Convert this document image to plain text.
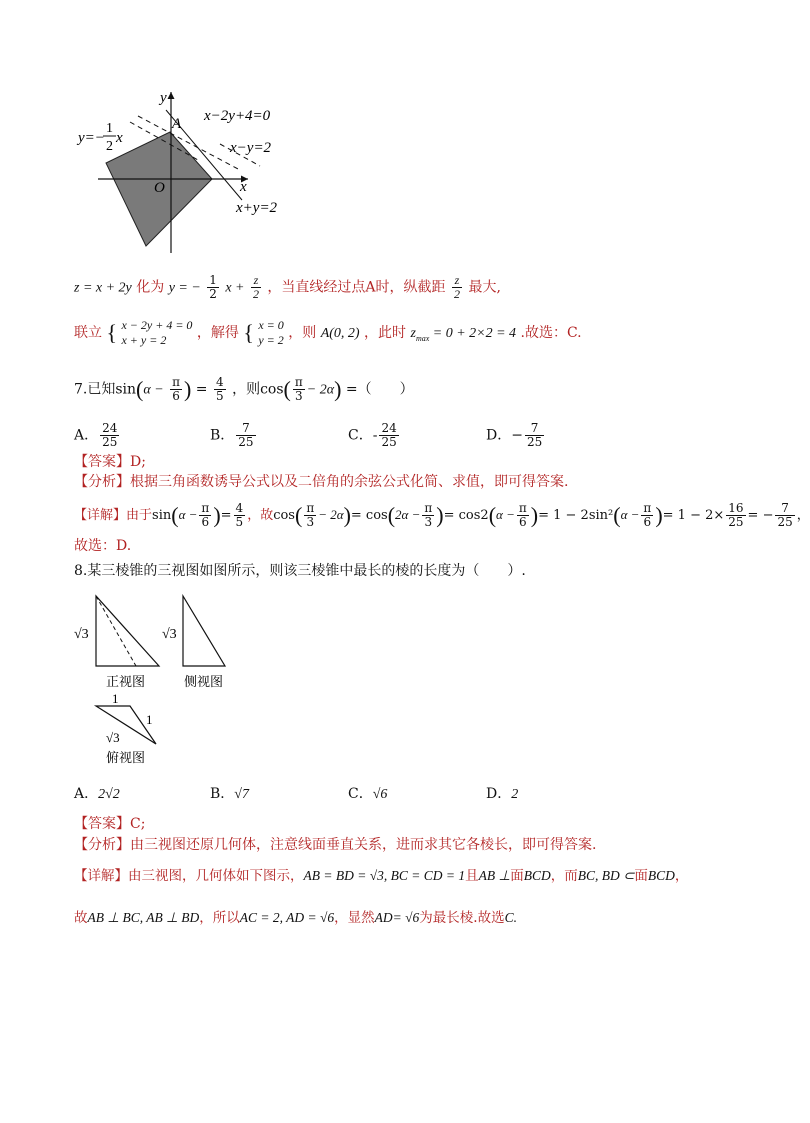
y
x
O
A x−2y+4=0
x−y=2
x+y=2
y=−
1
2
x
z = x + 2y 化为 y = − $\frac{1}{2}$ $x + \frac{z}{2}$ ，当直线经过点A时，纵截距 $\frac{z}{2}$ 最大,
联立 { x − 2y + 4 = 0
x + y = 2	，解得 { x = 0
y = 2 ，则 A(0, 2) ，此时 $z_{max} = 0 + 2\times 2 = 4$ .故选：C.
7.已知$\sin(\alpha - \frac{\pi}{6}$ ) = $\frac{4}{5}$ ，则$\cos( \frac{\pi}{3} - 2\alpha)$ =（　　）
A． $\frac{24}{25}$	B． $\frac{7}{25}$	C．- $\frac{24}{25}$	D．− $\frac{7}{25}$
【答案】D;
【分析】根据三角函数诱导公式以及二倍角的余弦公式化简、求值，即可得答案.
【详解】由于$\sin(\alpha - \frac{\pi}{6}$ )= $\frac{4}{5}$ ，故$\cos( \frac{\pi}{3} - 2\alpha)= \cos(2\alpha - \frac{\pi}{3}$ )= $\cos 2(\alpha - \frac{\pi}{6}$ )= $1 - 2\sin^2(\alpha - \frac{\pi}{6}$ )= $1 - 2\times \frac{16}{25}$ = − $\frac{7}{25}$ ，
故选：D.
8.某三棱锥的三视图如图所示，则该三棱锥中最长的棱的长度为（　　）.
√3
正视图
√3
侧视图
1
1
√3
俯视图
A．2√2	B．√7	C．√6	D．2
【答案】C;
【分析】由三视图还原几何体，注意线面垂直关系，进而求其它各棱长，即可得答案.
【详解】由三视图，几何体如下图示，AB = BD = √3, BC = CD = 1且AB ⊥面BCD，而BC, BD ⊂面BCD，
故AB ⊥ BC, AB ⊥ BD，所以AC = 2, AD = √6，显然AD= √6为最长棱.故选C.
